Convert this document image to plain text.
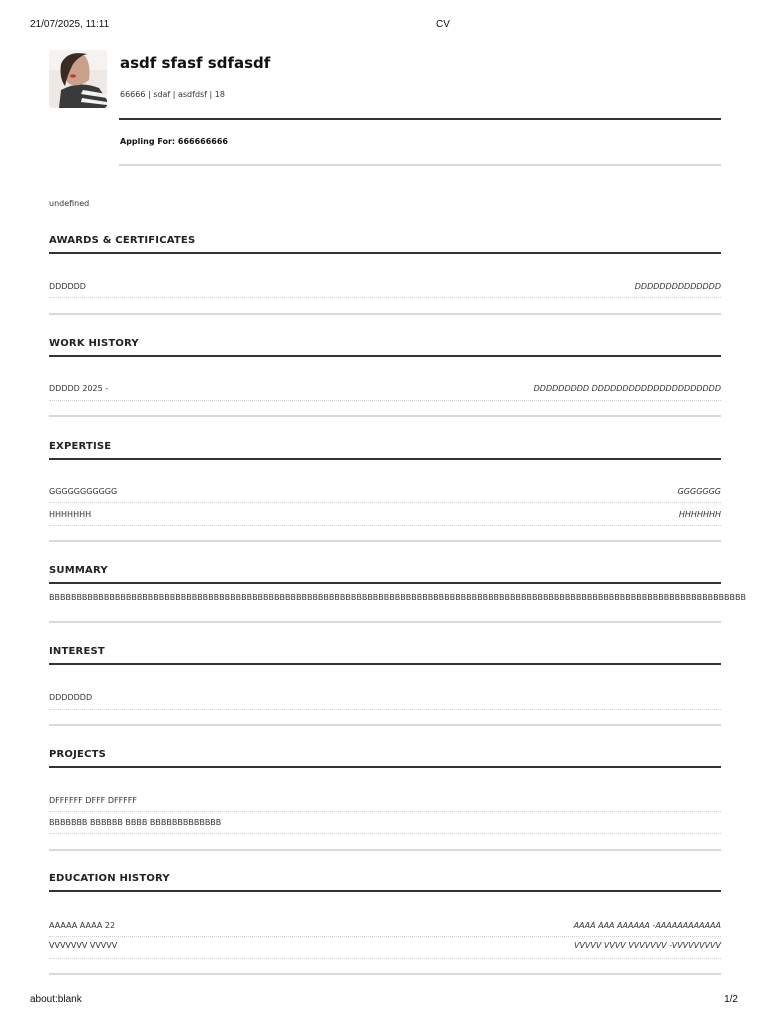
21/07/2025, 11:11	CV
asdf sfasf sdfasdf
66666 | sdaf | asdfdsf | 18
Appling For: 666666666
undefined
AWARDS & CERTIFICATES
DDDDDD	DDDDDDDDDDDDDD
WORK HISTORY
DDDDD 2025 -	DDDDDDDDD DDDDDDDDDDDDDDDDDDDDD
EXPERTISE
GGGGGGGGGGG	GGGGGGG
HHHHHHH	HHHHHHH
SUMMARY
BBBBBBBBBBBBBBBBBBBBBBBBBBBBBBBBBBBBBBBBBBBBBBBBBBBBBBBBBBBBBBBBBBBBBBBBBBBBBBBBBBBBBBBBBBBBBBBBBBBBBBBBBBBBBBBBBBBBBBBBBBBBBBB
INTEREST
DDDDDDD
PROJECTS
DFFFFFF DFFF DFFFFF
BBBBBBB BBBBBB BBBB BBBBBBBBBBBBB
EDUCATION HISTORY
AAAAA AAAA 22	AAAA AAA AAAAAA -AAAAAAAAAAAA
VVVVVVV VVVVV	VVVVV VVVV VVVVVVV -VVVVVVVVV
about:blank	1/2
